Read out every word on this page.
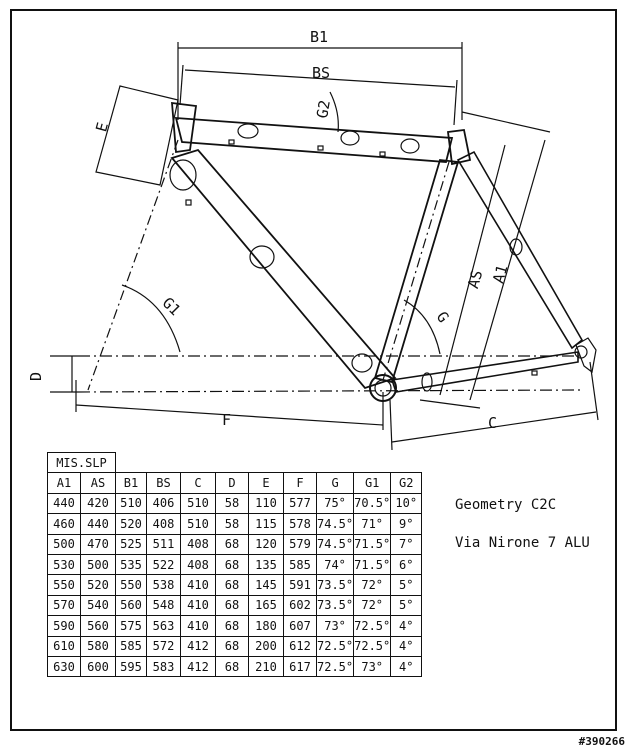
B1
BS
E
G2
G1	G
AS A1
D
F	C
MIS.SLP										
A1	AS	B1	BS	C	D	E	F	G	G1	G2
440	420	510	406	510	58	110	577	75°	70.5°	10°
460	440	520	408	510	58	115	578	74.5°	71°	9°
500	470	525	511	408	68	120	579	74.5°	71.5°	7°
530	500	535	522	408	68	135	585	74°	71.5°	6°
550	520	550	538	410	68	145	591	73.5°	72°	5°
570	540	560	548	410	68	165	602	73.5°	72°	5°
590	560	575	563	410	68	180	607	73°	72.5°	4°
610	580	585	572	412	68	200	612	72.5°	72.5°	4°
630	600	595	583	412	68	210	617	72.5°	73°	4°
Geometry C2C
Via Nirone 7 ALU
#390266
